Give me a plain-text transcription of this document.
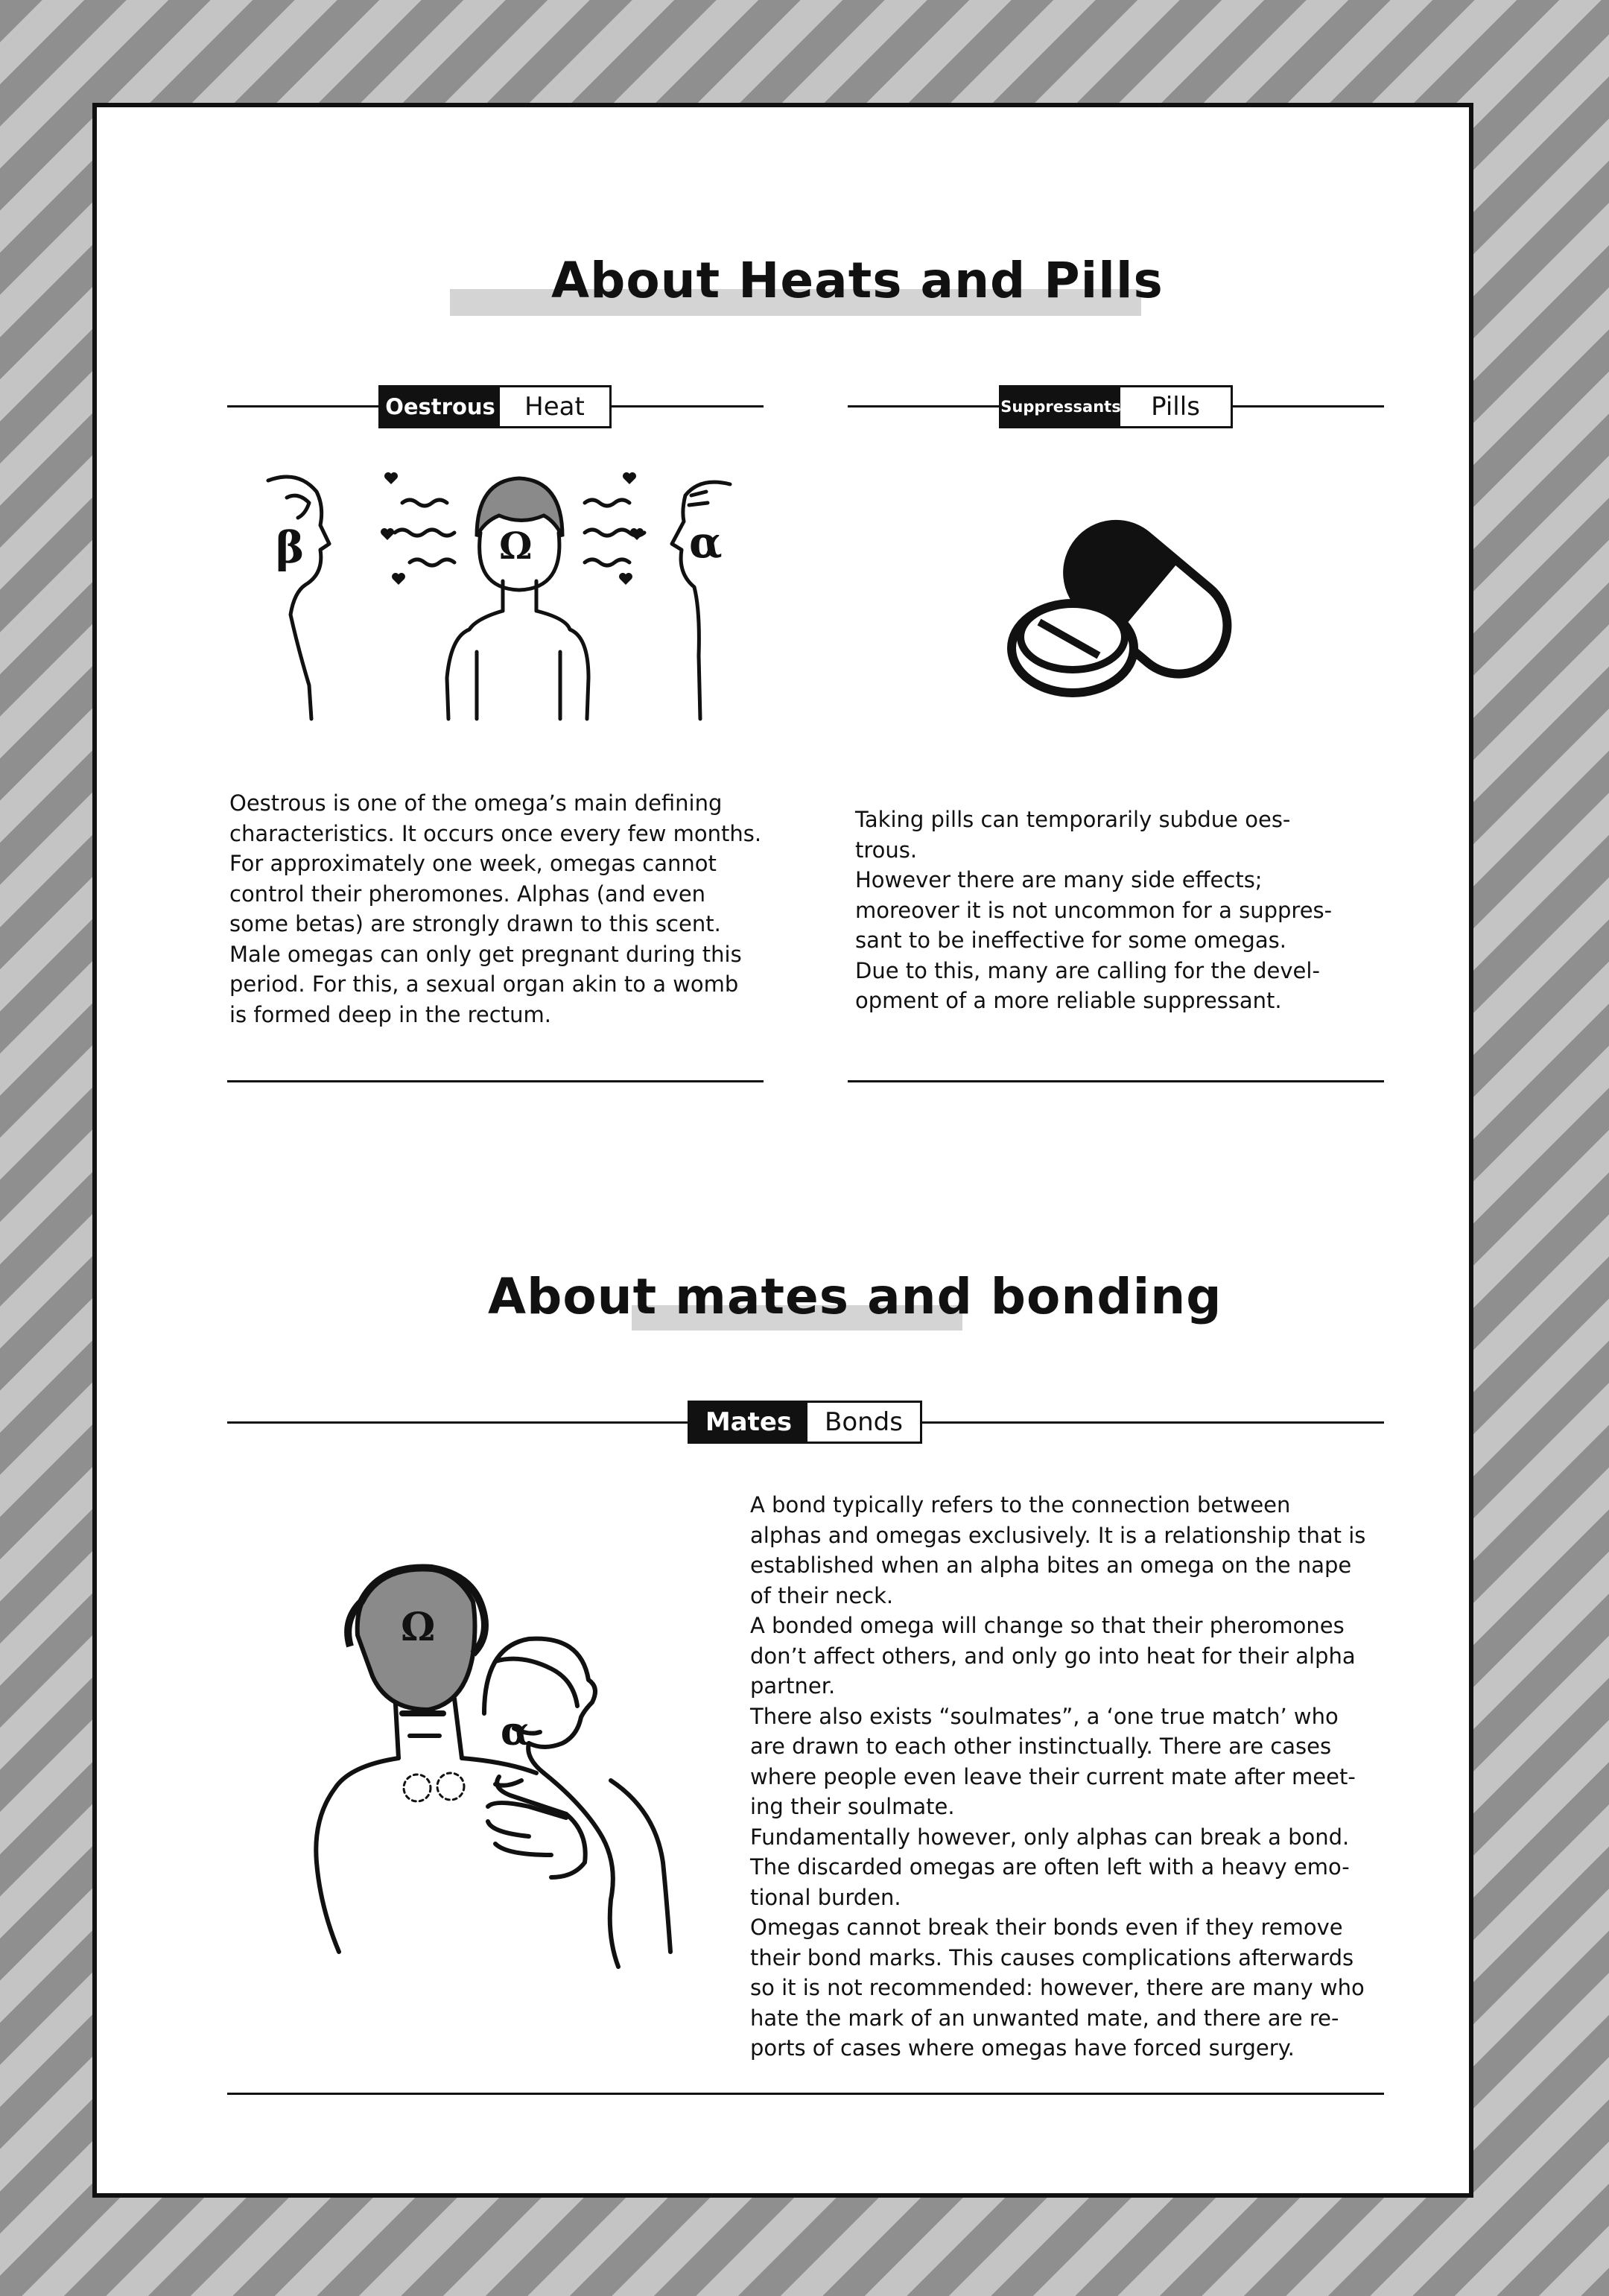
About Heats and Pills
Oestrous	Heat	Suppressants	Pills
β	Ω	α
Oestrous is one of the omega’s main defining
characteristics. It occurs once every few months.
For approximately one week, omegas cannot
control their pheromones. Alphas (and even
some betas) are strongly drawn to this scent.
Male omegas can only get pregnant during this
period. For this, a sexual organ akin to a womb
is formed deep in the rectum.
Taking pills can temporarily subdue oes-
trous.
However there are many side effects;
moreover it is not uncommon for a suppres-
sant to be ineffective for some omegas.
Due to this, many are calling for the devel-
opment of a more reliable suppressant.
About mates and bonding
Mates	Bonds
Ω
α
A bond typically refers to the connection between
alphas and omegas exclusively. It is a relationship that is
established when an alpha bites an omega on the nape
of their neck.
A bonded omega will change so that their pheromones
don’t affect others, and only go into heat for their alpha
partner.
There also exists “soulmates”, a ‘one true match’ who
are drawn to each other instinctually. There are cases
where people even leave their current mate after meet-
ing their soulmate.
Fundamentally however, only alphas can break a bond.
The discarded omegas are often left with a heavy emo-
tional burden.
Omegas cannot break their bonds even if they remove
their bond marks. This causes complications afterwards
so it is not recommended: however, there are many who
hate the mark of an unwanted mate, and there are re-
ports of cases where omegas have forced surgery.
